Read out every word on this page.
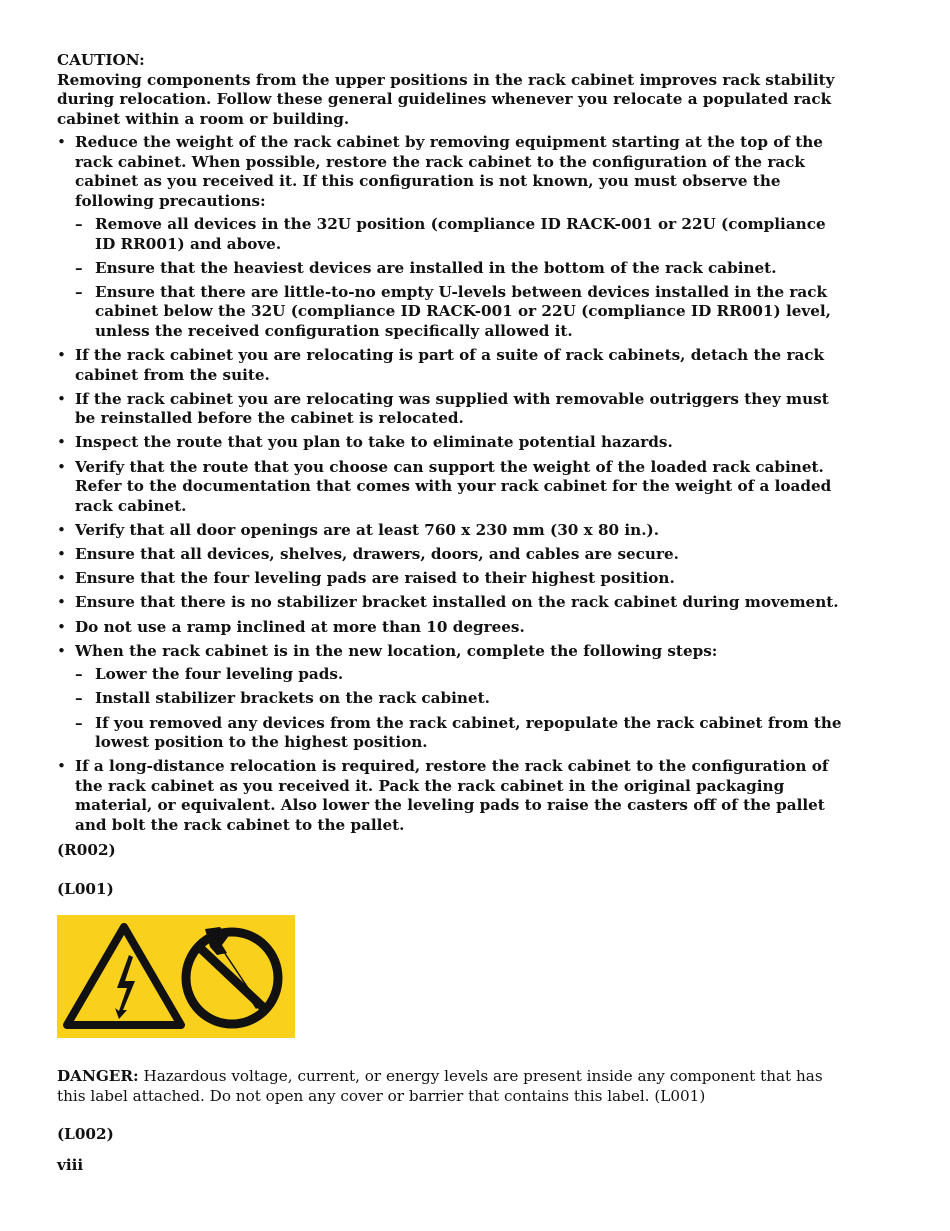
CAUTION:

Removing components from the upper positions in the rack cabinet improves rack stability during relocation. Follow these general guidelines whenever you relocate a populated rack cabinet within a room or building.

• Reduce the weight of the rack cabinet by removing equipment starting at the top of the rack cabinet. When possible, restore the rack cabinet to the configuration of the rack cabinet as you received it. If this configuration is not known, you must observe the following precautions:
– Remove all devices in the 32U position (compliance ID RACK-001 or 22U (compliance ID RR001) and above.
– Ensure that the heaviest devices are installed in the bottom of the rack cabinet.
– Ensure that there are little-to-no empty U-levels between devices installed in the rack cabinet below the 32U (compliance ID RACK-001 or 22U (compliance ID RR001) level, unless the received configuration specifically allowed it.
• If the rack cabinet you are relocating is part of a suite of rack cabinets, detach the rack cabinet from the suite.
• If the rack cabinet you are relocating was supplied with removable outriggers they must be reinstalled before the cabinet is relocated.
• Inspect the route that you plan to take to eliminate potential hazards.
• Verify that the route that you choose can support the weight of the loaded rack cabinet. Refer to the documentation that comes with your rack cabinet for the weight of a loaded rack cabinet.
• Verify that all door openings are at least 760 x 230 mm (30 x 80 in.).
• Ensure that all devices, shelves, drawers, doors, and cables are secure.
• Ensure that the four leveling pads are raised to their highest position.
• Ensure that there is no stabilizer bracket installed on the rack cabinet during movement.
• Do not use a ramp inclined at more than 10 degrees.
• When the rack cabinet is in the new location, complete the following steps:
– Lower the four leveling pads.
– Install stabilizer brackets on the rack cabinet.
– If you removed any devices from the rack cabinet, repopulate the rack cabinet from the lowest position to the highest position.
• If a long-distance relocation is required, restore the rack cabinet to the configuration of the rack cabinet as you received it. Pack the rack cabinet in the original packaging material, or equivalent. Also lower the leveling pads to raise the casters off of the pallet and bolt the rack cabinet to the pallet.

(R002)

(L001)

DANGER: Hazardous voltage, current, or energy levels are present inside any component that has this label attached. Do not open any cover or barrier that contains this label. (L001)

(L002)

viii
